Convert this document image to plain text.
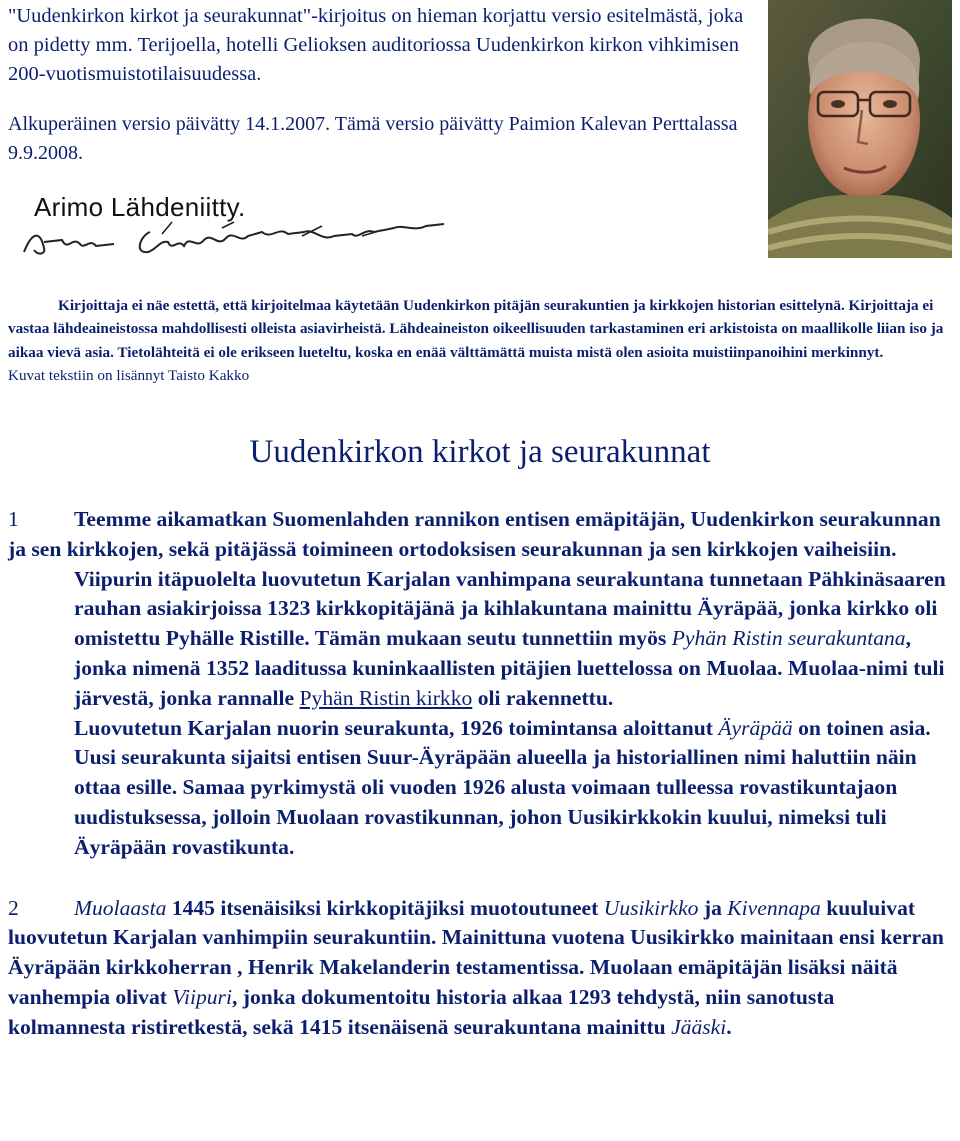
"Uudenkirkon kirkot ja seurakunnat"-kirjoitus on hieman korjattu versio esitelmästä, joka on pidetty mm. Terijoella, hotelli Gelioksen auditoriossa Uudenkirkon kirkon vihkimisen 200-vuotismuistotilaisuudessa.

Alkuperäinen versio päivätty 14.1.2007. Tämä versio päivätty Paimion Kalevan Perttalassa 9.9.2008.

Arimo Lähdeniitty.
Kirjoittaja ei näe estettä, että kirjoitelmaa käytetään Uudenkirkon pitäjän seurakuntien ja kirkkojen historian esittelynä. Kirjoittaja ei vastaa lähdeaineistossa mahdollisesti olleista asiavirheistä. Lähdeaineiston oikeellisuuden tarkastaminen eri arkistoista on maallikolle liian iso ja aikaa vievä asia. Tietolähteitä ei ole erikseen lueteltu, koska en enää välttämättä muista mistä olen asioita muistiinpanoihini merkinnyt.
Kuvat tekstiin on lisännyt Taisto Kakko
Uudenkirkon kirkot ja seurakunnat

1	Teemme aikamatkan Suomenlahden rannikon entisen emäpitäjän, Uudenkirkon seurakunnan ja sen kirkkojen, sekä pitäjässä toimineen ortodoksisen seurakunnan ja sen kirkkojen vaiheisiin.

Viipurin itäpuolelta luovutetun Karjalan vanhimpana seurakuntana tunnetaan Pähkinäsaaren rauhan asiakirjoissa 1323 kirkkopitäjänä ja kihlakuntana mainittu Äyräpää, jonka kirkko oli omistettu Pyhälle Ristille. Tämän mukaan seutu tunnettiin myös Pyhän Ristin seurakuntana, jonka nimenä 1352 laaditussa kuninkaallisten pitäjien luettelossa on Muolaa. Muolaa-nimi tuli järvestä, jonka rannalle Pyhän Ristin kirkko oli rakennettu.

Luovutetun Karjalan nuorin seurakunta, 1926 toimintansa aloittanut Äyräpää on toinen asia. Uusi seurakunta sijaitsi entisen Suur-Äyräpään alueella ja historiallinen nimi haluttiin näin ottaa esille. Samaa pyrkimystä oli vuoden 1926 alusta voimaan tulleessa rovastikuntajaon uudistuksessa, jolloin Muolaan rovastikunnan, johon Uusikirkkokin kuului, nimeksi tuli Äyräpään rovastikunta.

2	Muolaasta 1445 itsenäisiksi kirkkopitäjiksi muotoutuneet Uusikirkko ja Kivennapa kuuluivat luovutetun Karjalan vanhimpiin seurakuntiin. Mainittuna vuotena Uusikirkko mainitaan ensi kerran Äyräpään kirkkoherran , Henrik Makelanderin testamentissa. Muolaan emäpitäjän lisäksi näitä vanhempia olivat Viipuri, jonka dokumentoitu historia alkaa 1293 tehdystä, niin sanotusta kolmannesta ristiretkestä, sekä 1415 itsenäisenä seurakuntana mainittu Jääski.
